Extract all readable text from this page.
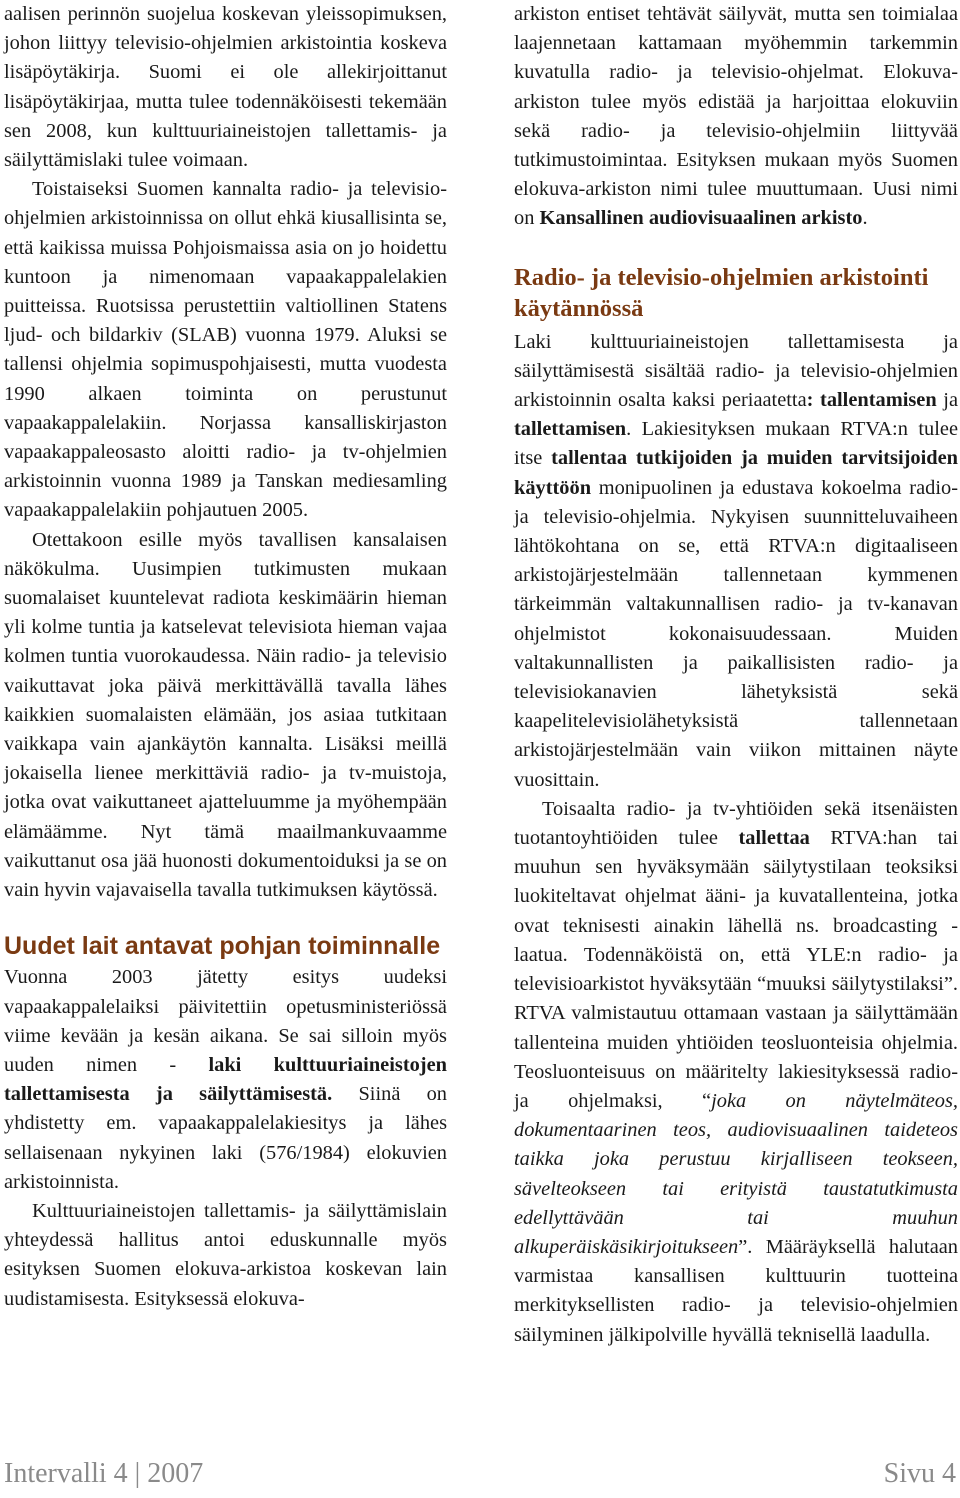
aalisen perinnön suojelua koskevan yleissopimuksen, johon liittyy televisio-ohjelmien arkistointia koskeva lisäpöytäkirja. Suomi ei ole allekirjoittanut lisäpöytäkirjaa, mutta tulee todennäköisesti tekemään sen 2008, kun kulttuuriaineistojen tallettamis- ja säilyttämislaki tulee voimaan.

Toistaiseksi Suomen kannalta radio- ja televisio-ohjelmien arkistoinnissa on ollut ehkä kiusallisinta se, että kaikissa muissa Pohjoismaissa asia on jo hoidettu kuntoon ja nimenomaan vapaakappalelakien puitteissa. Ruotsissa perustettiin valtiollinen Statens ljud- och bildarkiv (SLAB) vuonna 1979. Aluksi se tallensi ohjelmia sopimuspohjaisesti, mutta vuodesta 1990 alkaen toiminta on perustunut vapaakappalelakiin. Norjassa kansalliskirjaston vapaakappaleosasto aloitti radio- ja tv-ohjelmien arkistoinnin vuonna 1989 ja Tanskan mediesamling vapaakappalelakiin pohjautuen 2005.

Otettakoon esille myös tavallisen kansalaisen näkökulma. Uusimpien tutkimusten mukaan suomalaiset kuuntelevat radiota keskimäärin hieman yli kolme tuntia ja katselevat televisiota hieman vajaa kolmen tuntia vuorokaudessa. Näin radio- ja televisio vaikuttavat joka päivä merkittävällä tavalla lähes kaikkien suomalaisten elämään, jos asiaa tutkitaan vaikkapa vain ajankäytön kannalta. Lisäksi meillä jokaisella lienee merkittäviä radio- ja tv-muistoja, jotka ovat vaikuttaneet ajatteluumme ja myöhempään elämäämme. Nyt tämä maailmankuvaamme vaikuttanut osa jää huonosti dokumentoiduksi ja se on vain hyvin vajavaisella tavalla tutkimuksen käytössä.

Uudet lait antavat pohjan toiminnalle

Vuonna 2003 jätetty esitys uudeksi vapaakappalelaiksi päivitettiin opetusministeriössä viime kevään ja kesän aikana. Se sai silloin myös uuden nimen - laki kulttuuriaineistojen tallettamisesta ja säilyttämisestä. Siinä on yhdistetty em. vapaakappalelakiesitys ja lähes sellaisenaan nykyinen laki (576/1984) elokuvien arkistoinnista.

Kulttuuriaineistojen tallettamis- ja säilyttämislain yhteydessä hallitus antoi eduskunnalle myös esityksen Suomen elokuva-arkistoa koskevan lain uudistamisesta. Esityksessä elokuva-

arkiston entiset tehtävät säilyvät, mutta sen toimialaa laajennetaan kattamaan myöhemmin tarkemmin kuvatulla radio- ja televisio-ohjelmat. Elokuva-arkiston tulee myös edistää ja harjoittaa elokuviin sekä radio- ja televisio-ohjelmiin liittyvää tutkimustoimintaa. Esityksen mukaan myös Suomen elokuva-arkiston nimi tulee muuttumaan. Uusi nimi on Kansallinen audiovisuaalinen arkisto.

Radio- ja televisio-ohjelmien arkistointi käytännössä

Laki kulttuuriaineistojen tallettamisesta ja säilyttämisestä sisältää radio- ja televisio-ohjelmien arkistoinnin osalta kaksi periaatetta: tallentamisen ja tallettamisen. Lakiesityksen mukaan RTVA:n tulee itse tallentaa tutkijoiden ja muiden tarvitsijoiden käyttöön monipuolinen ja edustava kokoelma radio- ja televisio-ohjelmia. Nykyisen suunnitteluvaiheen lähtökohtana on se, että RTVA:n digitaaliseen arkistojärjestelmään tallennetaan kymmenen tärkeimmän valtakunnallisen radio- ja tv-kanavan ohjelmistot kokonaisuudessaan. Muiden valtakunnallisten ja paikallisisten radio- ja televisiokanavien lähetyksistä sekä kaapelitelevisiolähetyksistä tallennetaan arkistojärjestelmään vain viikon mittainen näyte vuosittain.

Toisaalta radio- ja tv-yhtiöiden sekä itsenäisten tuotantoyhtiöiden tulee tallettaa RTVA:han tai muuhun sen hyväksymään säilytystilaan teoksiksi luokiteltavat ohjelmat ääni- ja kuvatallenteina, jotka ovat teknisesti ainakin lähellä ns. broadcasting -laatua. Todennäköistä on, että YLE:n radio- ja televisioarkistot hyväksytään “muuksi säilytystilaksi”. RTVA valmistautuu ottamaan vastaan ja säilyttämään tallenteina muiden yhtiöiden teosluonteisia ohjelmia. Teosluonteisuus on määritelty lakiesityksessä radio- ja ohjelmaksi, “joka on näytelmäteos, dokumentaarinen teos, audiovisuaalinen taideteos taikka joka perustuu kirjalliseen teokseen, sävelteokseen tai erityistä taustatutkimusta edellyttävään tai muuhun alkuperäiskäsikirjoitukseen”. Määräyksellä halutaan varmistaa kansallisen kulttuurin tuotteina merkityksellisten radio- ja televisio-ohjelmien säilyminen jälkipolville hyvällä teknisellä laadulla.

Intervalli 4 | 2007	Sivu 4
